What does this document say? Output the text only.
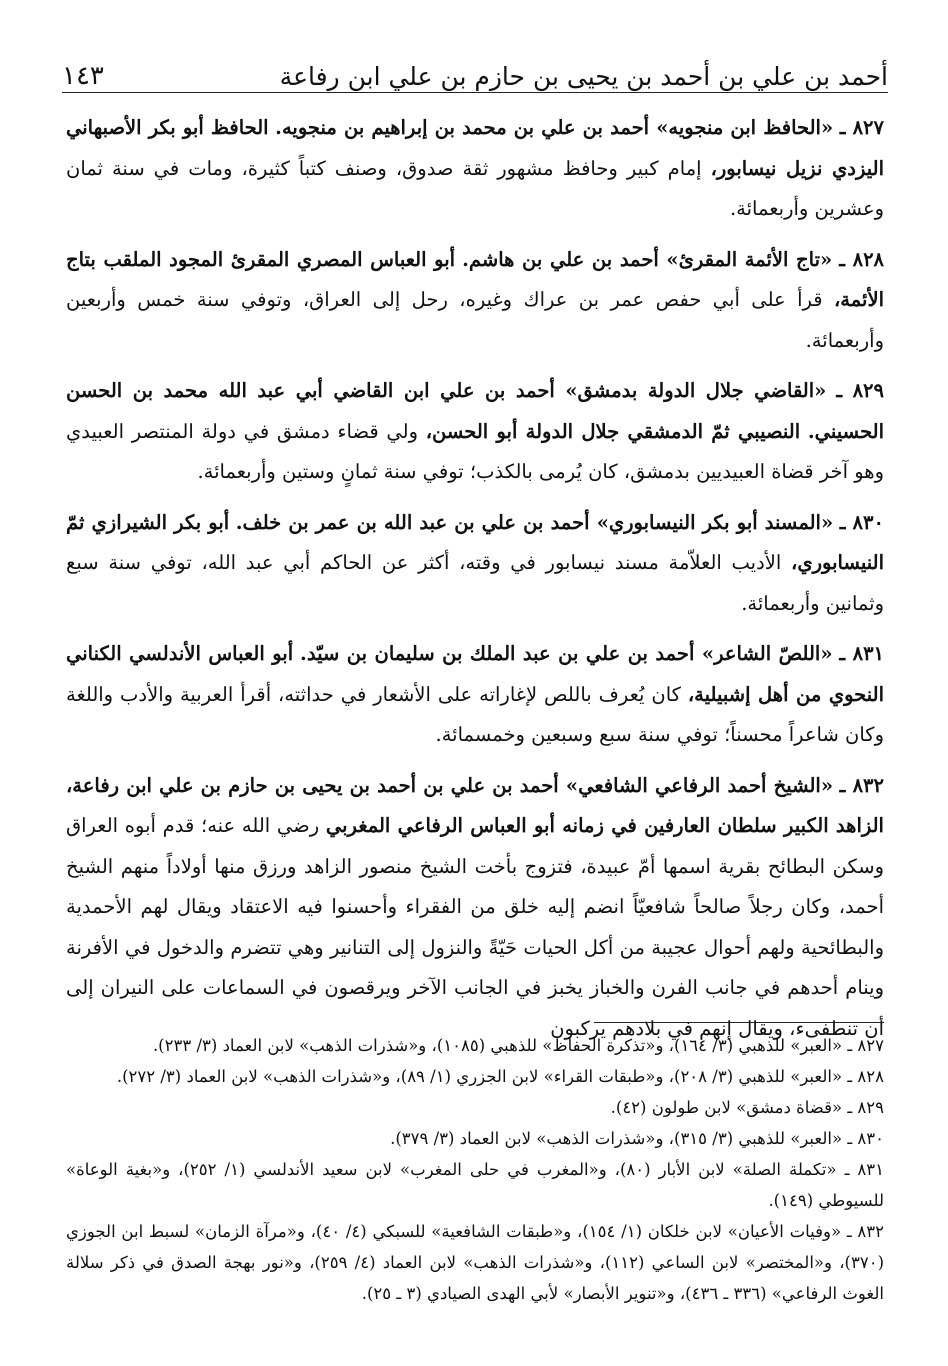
أحمد بن علي بن أحمد بن يحيى بن حازم بن علي ابن رفاعة
١٤٣

٨٢٧ ـ «الحافظ ابن منجويه» أحمد بن علي بن محمد بن إبراهيم بن منجويه. الحافظ أبو بكر الأصبهاني اليزدي نزيل نيسابور، إمام كبير وحافظ مشهور ثقة صدوق، وصنف كتباً كثيرة، ومات في سنة ثمان وعشرين وأربعمائة.

٨٢٨ ـ «تاج الأئمة المقرئ» أحمد بن علي بن هاشم. أبو العباس المصري المقرئ المجود الملقب بتاج الأئمة، قرأ على أبي حفص عمر بن عراك وغيره، رحل إلى العراق، وتوفي سنة خمس وأربعين وأربعمائة.

٨٢٩ ـ «القاضي جلال الدولة بدمشق» أحمد بن علي ابن القاضي أبي عبد الله محمد بن الحسن الحسيني. النصيبي ثمّ الدمشقي جلال الدولة أبو الحسن، ولي قضاء دمشق في دولة المنتصر العبيدي وهو آخر قضاة العبيديين بدمشق، كان يُرمى بالكذب؛ توفي سنة ثمانٍ وستين وأربعمائة.

٨٣٠ ـ «المسند أبو بكر النيسابوري» أحمد بن علي بن عبد الله بن عمر بن خلف. أبو بكر الشيرازي ثمّ النيسابوري، الأديب العلاّمة مسند نيسابور في وقته، أكثر عن الحاكم أبي عبد الله، توفي سنة سبع وثمانين وأربعمائة.

٨٣١ ـ «اللصّ الشاعر» أحمد بن علي بن عبد الملك بن سليمان بن سيّد. أبو العباس الأندلسي الكناني النحوي من أهل إشبيلية، كان يُعرف باللص لإغاراته على الأشعار في حداثته، أقرأ العربية والأدب واللغة وكان شاعراً محسناً؛ توفي سنة سبع وسبعين وخمسمائة.

٨٣٢ ـ «الشيخ أحمد الرفاعي الشافعي» أحمد بن علي بن أحمد بن يحيى بن حازم بن علي ابن رفاعة، الزاهد الكبير سلطان العارفين في زمانه أبو العباس الرفاعي المغربي رضي الله عنه؛ قدم أبوه العراق وسكن البطائح بقرية اسمها أمّ عبيدة، فتزوج بأخت الشيخ منصور الزاهد ورزق منها أولاداً منهم الشيخ أحمد، وكان رجلاً صالحاً شافعيّاً انضم إليه خلق من الفقراء وأحسنوا فيه الاعتقاد ويقال لهم الأحمدية والبطائحية ولهم أحوال عجيبة من أكل الحيات حَيّةً والنزول إلى التنانير وهي تتضرم والدخول في الأفرنة وينام أحدهم في جانب الفرن والخباز يخبز في الجانب الآخر ويرقصون في السماعات على النيران إلى أن تنطفىء، ويقال إنهم في بلادهم يركبون

٨٢٧ ـ «العبر» للذهبي (٣/ ١٦٤)، و«تذكرة الحفاظ» للذهبي (١٠٨٥)، و«شذرات الذهب» لابن العماد (٣/ ٢٣٣).

٨٢٨ ـ «العبر» للذهبي (٣/ ٢٠٨)، و«طبقات القراء» لابن الجزري (١/ ٨٩)، و«شذرات الذهب» لابن العماد (٣/ ٢٧٢).

٨٢٩ ـ «قضاة دمشق» لابن طولون (٤٢).

٨٣٠ ـ «العبر» للذهبي (٣/ ٣١٥)، و«شذرات الذهب» لابن العماد (٣/ ٣٧٩).

٨٣١ ـ «تكملة الصلة» لابن الأبار (٨٠)، و«المغرب في حلى المغرب» لابن سعيد الأندلسي (١/ ٢٥٢)، و«بغية الوعاة» للسيوطي (١٤٩).

٨٣٢ ـ «وفيات الأعيان» لابن خلكان (١/ ١٥٤)، و«طبقات الشافعية» للسبكي (٤/ ٤٠)، و«مرآة الزمان» لسبط ابن الجوزي (٣٧٠)، و«المختصر» لابن الساعي (١١٢)، و«شذرات الذهب» لابن العماد (٤/ ٢٥٩)، و«نور بهجة الصدق في ذكر سلالة الغوث الرفاعي» (٣٣٦ ـ ٤٣٦)، و«تنوير الأبصار» لأبي الهدى الصيادي (٣ ـ ٢٥).
